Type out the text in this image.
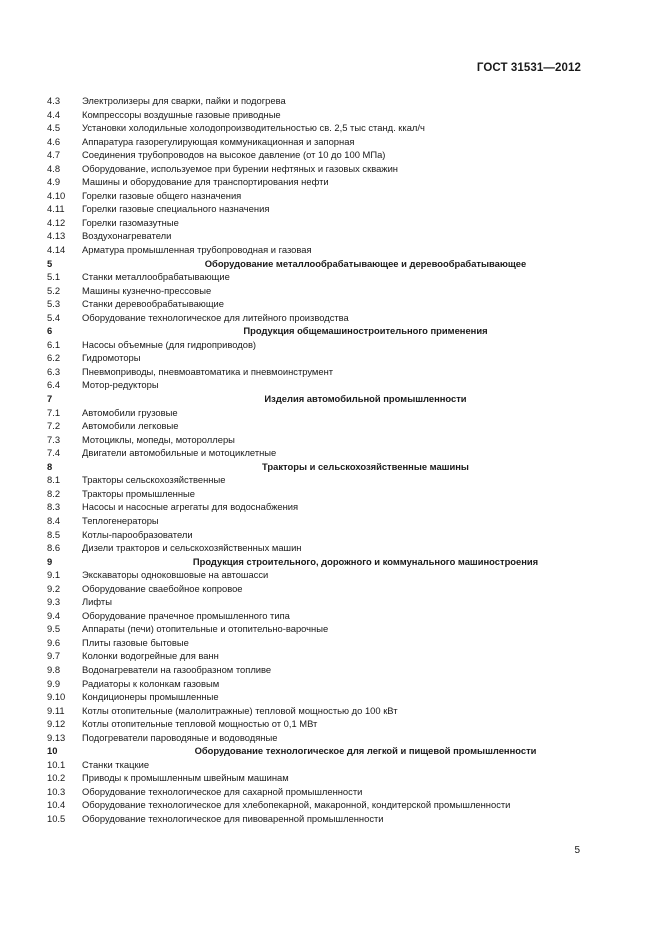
ГОСТ 31531—2012
4.3 Электролизеры для сварки, пайки и подогрева
4.4 Компрессоры воздушные газовые приводные
4.5 Установки холодильные холодопроизводительностью св. 2,5 тыс станд. ккал/ч
4.6 Аппаратура газорегулирующая коммуникационная и запорная
4.7 Соединения трубопроводов на высокое давление (от 10 до 100 МПа)
4.8 Оборудование, используемое при бурении нефтяных и газовых скважин
4.9 Машины и оборудование для транспортирования нефти
4.10 Горелки газовые общего назначения
4.11 Горелки газовые специального назначения
4.12 Горелки газомазутные
4.13 Воздухонагреватели
4.14 Арматура промышленная трубопроводная и газовая
5	Оборудование металлообрабатывающее и деревообрабатывающее
5.1 Станки металлообрабатывающие
5.2 Машины кузнечно-прессовые
5.3 Станки деревообрабатывающие
5.4 Оборудование технологическое для литейного производства
6	Продукция общемашиностроительного применения
6.1 Насосы объемные (для гидроприводов)
6.2 Гидромоторы
6.3 Пневмоприводы, пневмоавтоматика и пневмоинструмент
6.4 Мотор-редукторы
7	Изделия автомобильной промышленности
7.1 Автомобили грузовые
7.2 Автомобили легковые
7.3 Мотоциклы, мопеды, мотороллеры
7.4 Двигатели автомобильные и мотоциклетные
8	Тракторы и сельскохозяйственные машины
8.1 Тракторы сельскохозяйственные
8.2 Тракторы промышленные
8.3 Насосы и насосные агрегаты для водоснабжения
8.4 Теплогенераторы
8.5 Котлы-парообразователи
8.6 Дизели тракторов и сельскохозяйственных машин
9	Продукция строительного, дорожного и коммунального машиностроения
9.1 Экскаваторы одноковшовые на автошасси
9.2 Оборудование сваебойное копровое
9.3 Лифты
9.4 Оборудование прачечное промышленного типа
9.5 Аппараты (печи) отопительные и отопительно-варочные
9.6 Плиты газовые бытовые
9.7 Колонки водогрейные для ванн
9.8 Водонагреватели на газообразном топливе
9.9 Радиаторы к колонкам газовым
9.10 Кондиционеры промышленные
9.11 Котлы отопительные (малолитражные) тепловой мощностью до 100 кВт
9.12 Котлы отопительные тепловой мощностью от 0,1 МВт
9.13 Подогреватели пароводяные и водоводяные
10	Оборудование технологическое для легкой и пищевой промышленности
10.1 Станки ткацкие
10.2 Приводы к промышленным швейным машинам
10.3 Оборудование технологическое для сахарной промышленности
10.4 Оборудование технологическое для хлебопекарной, макаронной, кондитерской промышленности
10.5 Оборудование технологическое для пивоваренной промышленности
5
